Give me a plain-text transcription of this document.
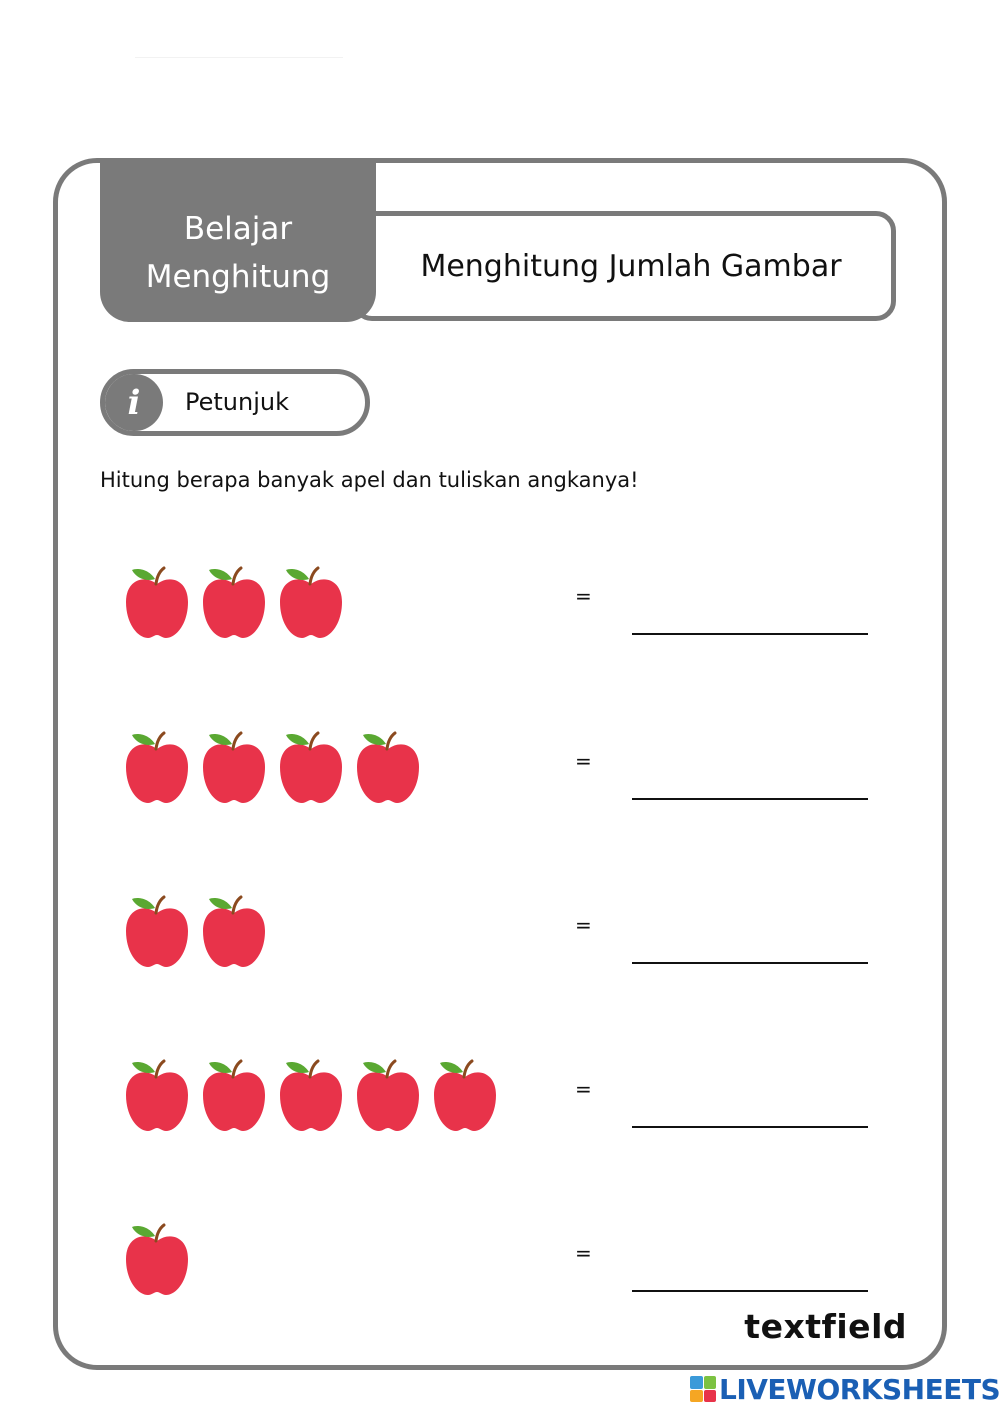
Menghitung Jumlah Gambar
Belajar
Menghitung
i	Petunjuk
Hitung berapa banyak apel dan tuliskan angkanya!
=
=
=
=
=
textfield
LIVEWORKSHEETS
